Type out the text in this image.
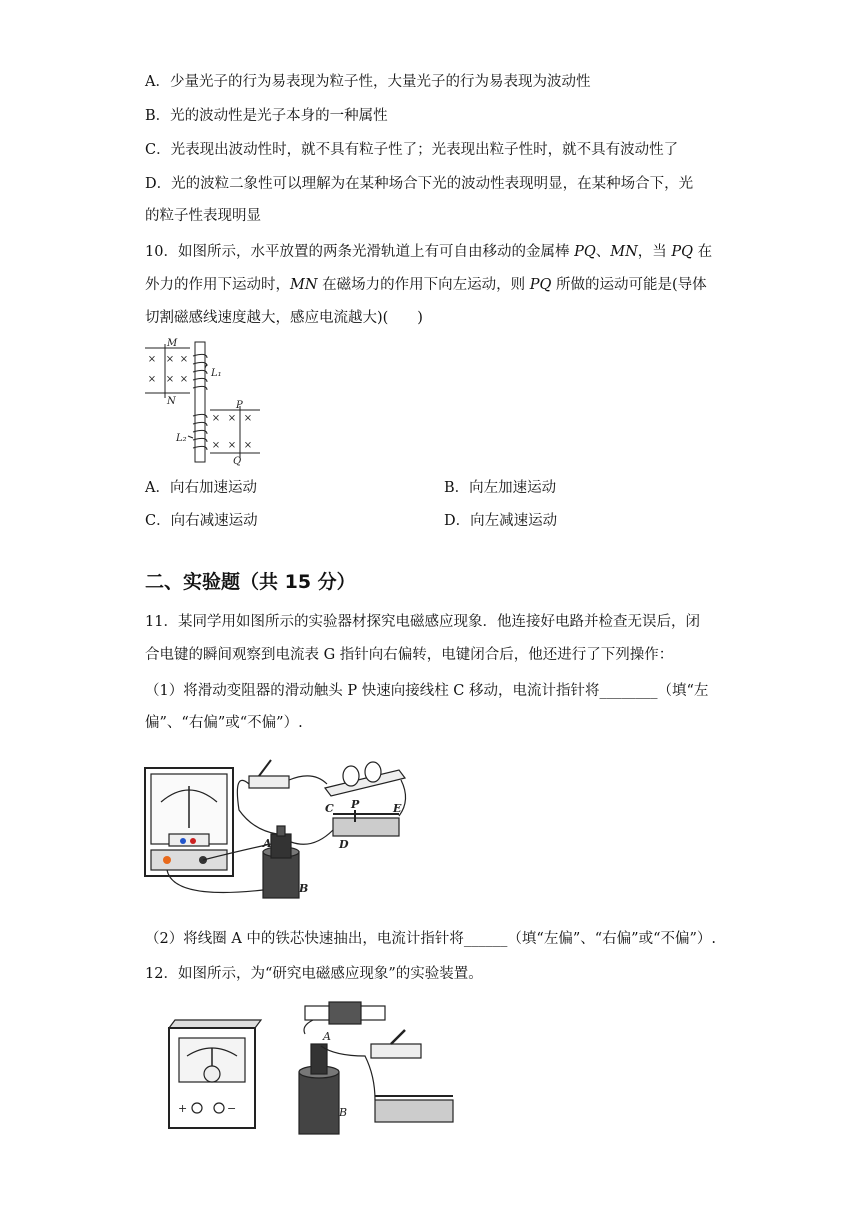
A．少量光子的行为易表现为粒子性，大量光子的行为易表现为波动性
B．光的波动性是光子本身的一种属性
C．光表现出波动性时，就不具有粒子性了；光表现出粒子性时，就不具有波动性了
D．光的波粒二象性可以理解为在某种场合下光的波动性表现明显，在某种场合下，光
的粒子性表现明显
10．如图所示，水平放置的两条光滑轨道上有可自由移动的金属棒 PQ、MN，当 PQ 在
外力的作用下运动时，MN 在磁场力的作用下向左运动，则 PQ 所做的运动可能是(导体
切割磁感线速度越大，感应电流越大)(　　)
× × ×
× × ×
× × ×
× × ×
M
N	P
Q
L₁
L₂
A．向右加速运动	B．向左加速运动
C．向右减速运动	D．向左减速运动
二、实验题（共 15 分）
11．某同学用如图所示的实验器材探究电磁感应现象．他连接好电路并检查无误后，闭
合电键的瞬间观察到电流表 G 指针向右偏转，电键闭合后，他还进行了下列操作：
（1）将滑动变阻器的滑动触头 P 快速向接线柱 C 移动，电流计指针将________（填“左
偏”、“右偏”或“不偏”）.
A
B
C
D
E
P
（2）将线圈 A 中的铁芯快速抽出，电流计指针将______（填“左偏”、“右偏”或“不偏”）.
12．如图所示，为“研究电磁感应现象”的实验装置。
A
B
+	−
